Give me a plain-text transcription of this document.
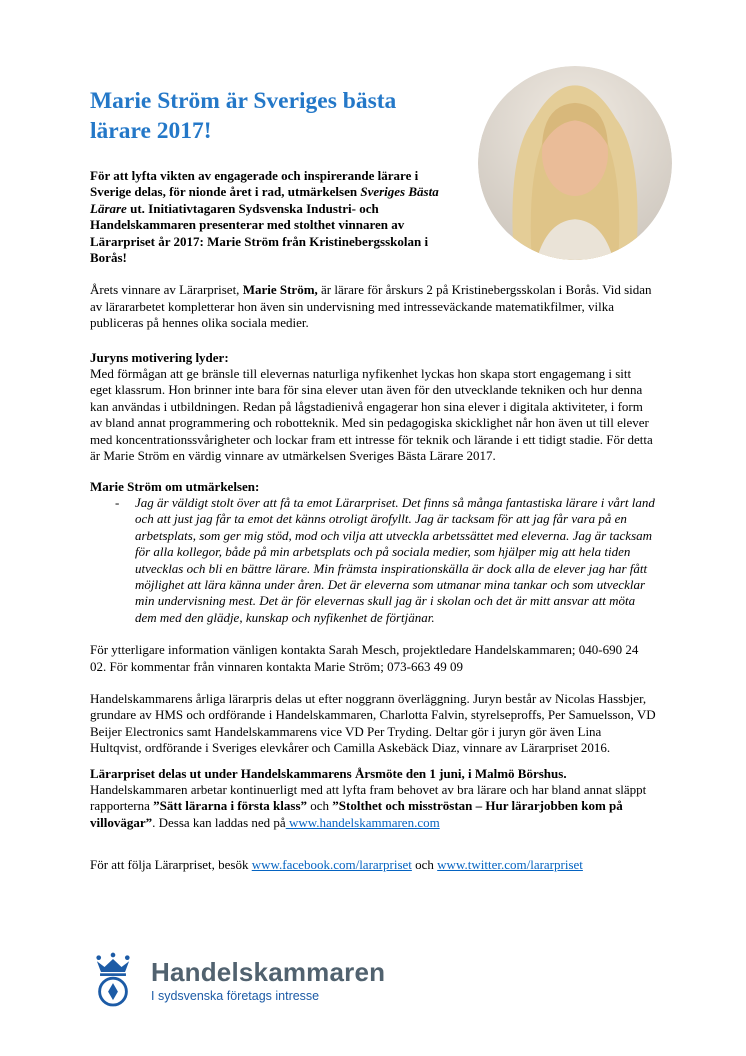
Marie Ström är Sveriges bästa lärare 2017!

För att lyfta vikten av engagerade och inspirerande lärare i Sverige delas, för nionde året i rad, utmärkelsen Sveriges Bästa Lärare ut. Initiativtagaren Sydsvenska Industri- och Handelskammaren presenterar med stolthet vinnaren av Lärarpriset år 2017: Marie Ström från Kristinebergsskolan i Borås!

Årets vinnare av Lärarpriset, Marie Ström, är lärare för årskurs 2 på Kristinebergsskolan i Borås. Vid sidan av lärararbetet kompletterar hon även sin undervisning med intresseväckande matematikfilmer, vilka publiceras på hennes olika sociala medier.

Juryns motivering lyder:

Med förmågan att ge bränsle till elevernas naturliga nyfikenhet lyckas hon skapa stort engagemang i sitt eget klassrum. Hon brinner inte bara för sina elever utan även för den utvecklande tekniken och hur denna kan användas i utbildningen. Redan på lågstadienivå engagerar hon sina elever i digitala aktiviteter, i form av bland annat programmering och robotteknik. Med sin pedagogiska skicklighet når hon även ut till elever med koncentrationssvårigheter och lockar fram ett intresse för teknik och lärande i ett tidigt stadie. För detta är Marie Ström en värdig vinnare av utmärkelsen Sveriges Bästa Lärare 2017.

Marie Ström om utmärkelsen:

-	Jag är väldigt stolt över att få ta emot Lärarpriset. Det finns så många fantastiska lärare i vårt land och att just jag får ta emot det känns otroligt ärofyllt. Jag är tacksam för att jag får vara på en arbetsplats, som ger mig stöd, mod och vilja att utveckla arbetssättet med eleverna. Jag är tacksam för alla kollegor, både på min arbetsplats och på sociala medier, som hjälper mig att hela tiden utvecklas och bli en bättre lärare. Min främsta inspirationskälla är dock alla de elever jag har fått möjlighet att lära känna under åren. Det är eleverna som utmanar mina tankar och som utvecklar min undervisning mest. Det är för elevernas skull jag är i skolan och det är mitt ansvar att möta dem med den glädje, kunskap och nyfikenhet de förtjänar.

För ytterligare information vänligen kontakta Sarah Mesch, projektledare Handelskammaren; 040-690 24 02. För kommentar från vinnaren kontakta Marie Ström; 073-663 49 09

Handelskammarens årliga lärarpris delas ut efter noggrann överläggning. Juryn består av Nicolas Hassbjer, grundare av HMS och ordförande i Handelskammaren, Charlotta Falvin, styrelseproffs, Per Samuelsson, VD Beijer Electronics samt Handelskammarens vice VD Per Tryding. Deltar gör i juryn gör även Lina Hultqvist, ordförande i Sveriges elevkårer och Camilla Askebäck Diaz, vinnare av Lärarpriset 2016.

Lärarpriset delas ut under Handelskammarens Årsmöte den 1 juni, i Malmö Börshus.

Handelskammaren arbetar kontinuerligt med att lyfta fram behovet av bra lärare och har bland annat släppt rapporterna ”Sätt lärarna i första klass” och ”Stolthet och misströstan – Hur lärarjobben kom på villovägar”. Dessa kan laddas ned på www.handelskammaren.com

För att följa Lärarpriset, besök www.facebook.com/lararpriset och www.twitter.com/lararpriset

Handelskammaren
I sydsvenska företags intresse
